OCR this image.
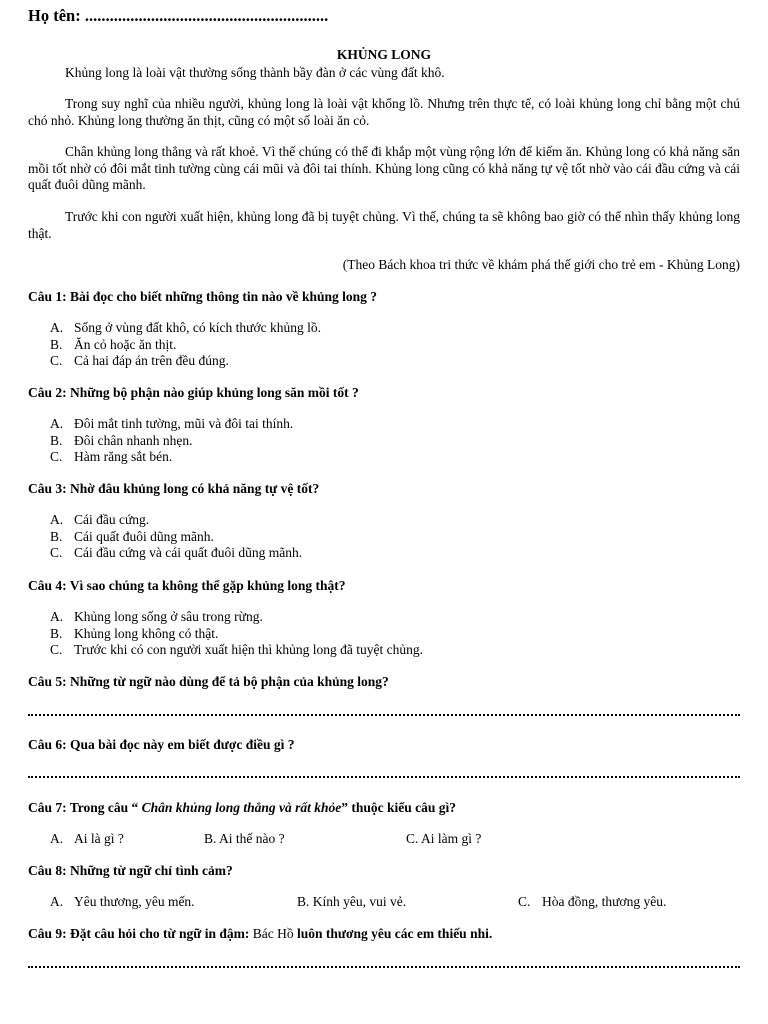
Họ tên: ...........................................................
KHỦNG LONG
Khủng long là loài vật thường sống thành bầy đàn ở các vùng đất khô.
Trong suy nghĩ của nhiều người, khủng long là loài vật khổng lồ. Nhưng trên thực tế, có loài khủng long chỉ bằng một chú chó nhỏ. Khủng long thường ăn thịt, cũng có một số loài ăn cỏ.
Chân khủng long thẳng và rất khoẻ. Vì thế chúng có thể đi khắp một vùng rộng lớn để kiếm ăn. Khủng long có khả năng săn mồi tốt nhờ có đôi mắt tinh tường cùng cái mũi và đôi tai thính. Khủng long cũng có khả năng tự vệ tốt nhờ vào cái đầu cứng và cái quất đuôi dũng mãnh.
Trước khi con người xuất hiện, khủng long đã bị tuyệt chủng. Vì thế, chúng ta sẽ không bao giờ có thể nhìn thấy khủng long thật.
(Theo Bách khoa tri thức về khám phá thế giới cho trẻ em - Khủng Long)
Câu 1: Bài đọc cho biết những thông tin nào về khủng long ?
A. Sống ở vùng đất khô, có kích thước khủng lồ.
B. Ăn cỏ hoặc ăn thịt.
C. Cả hai đáp án trên đều đúng.
Câu 2: Những bộ phận nào giúp khủng long săn mồi tốt ?
A. Đôi mắt tinh tường, mũi và đôi tai thính.
B. Đôi chân nhanh nhẹn.
C. Hàm răng sắt bén.
Câu 3: Nhờ đâu khủng long có khả năng tự vệ tốt?
A. Cái đầu cứng.
B. Cái quất đuôi dũng mãnh.
C. Cái đầu cứng và cái quất đuôi dũng mãnh.
Câu 4: Vì sao chúng ta không thể gặp khủng long thật?
A. Khủng long sống ở sâu trong rừng.
B. Khủng long không có thật.
C. Trước khi có con người xuất hiện thì khủng long đã tuyệt chủng.
Câu 5: Những từ ngữ nào dùng để tả bộ phận của khủng long?
Câu 6: Qua bài đọc này em biết được điều gì ?
Câu 7: Trong câu “ Chân khủng long thẳng và rất khỏe” thuộc kiểu câu gì?
A. Ai là gì ?	B. Ai thế nào ?	C. Ai làm gì ?
Câu 8: Những từ ngữ chỉ tình cảm?
A. Yêu thương, yêu mến.	B. Kính yêu, vui vẻ.	C. Hòa đồng, thương yêu.
Câu 9: Đặt câu hỏi cho từ ngữ in đậm: Bác Hồ luôn thương yêu các em thiếu nhi.
